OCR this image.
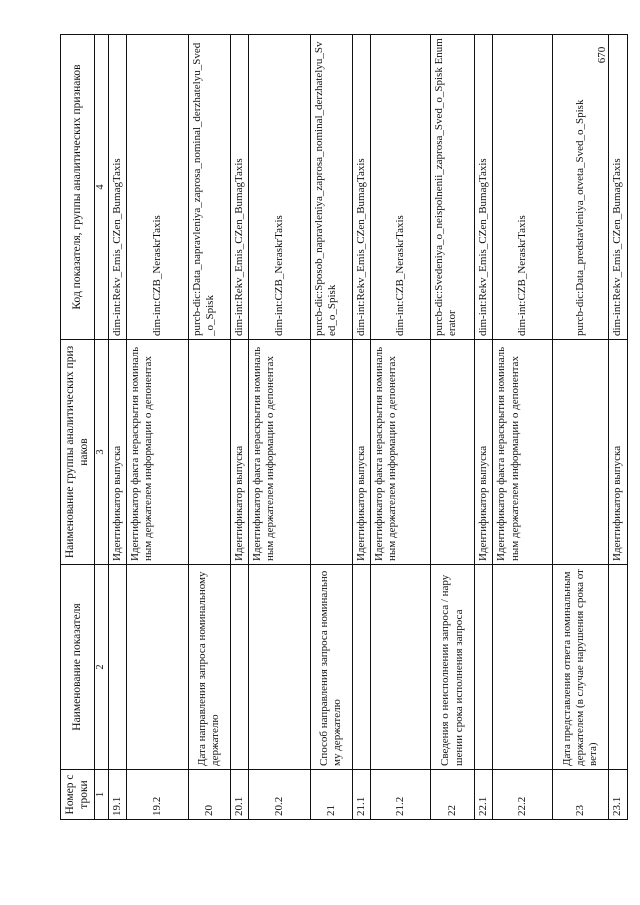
670
Номер строки	Наименование показателя	Наименование группы аналитических признаков	Код показателя, группы аналитических признаков
1	2	3	4
19.1		Идентификатор выпуска	dim-int:Rekv_Emis_CZen_BumagTaxis
19.2		Идентификатор факта нераскрытия номинальным держателем информации о депонентах	dim-int:CZB_NeraskrTaxis
20	Дата направления запроса номинальному держателю		purcb-dic:Data_napravleniya_zaprosa_nominal_derzhatelyu_Sved_o_Spisk
20.1		Идентификатор выпуска	dim-int:Rekv_Emis_CZen_BumagTaxis
20.2		Идентификатор факта нераскрытия номинальным держателем информации о депонентах	dim-int:CZB_NeraskrTaxis
21	Способ направления запроса номинальному держателю		purcb-dic:Sposob_napravleniya_zaprosa_nominal_derzhatelyu_Sved_o_Spisk
21.1		Идентификатор выпуска	dim-int:Rekv_Emis_CZen_BumagTaxis
21.2		Идентификатор факта нераскрытия номинальным держателем информации о депонентах	dim-int:CZB_NeraskrTaxis
22	Сведения о неисполнении запроса / нарушении срока исполнения запроса		purcb-dic:Svedeniya_o_neispolnenii_zaprosa_Sved_o_Spisk Enumerator
22.1		Идентификатор выпуска	dim-int:Rekv_Emis_CZen_BumagTaxis
22.2		Идентификатор факта нераскрытия номинальным держателем информации о депонентах	dim-int:CZB_NeraskrTaxis
23	Дата представления ответа номинальным держателем (в случае нарушения срока ответа)		purcb-dic:Data_predstavleniya_otveta_Sved_o_Spisk
23.1		Идентификатор выпуска	dim-int:Rekv_Emis_CZen_BumagTaxis
